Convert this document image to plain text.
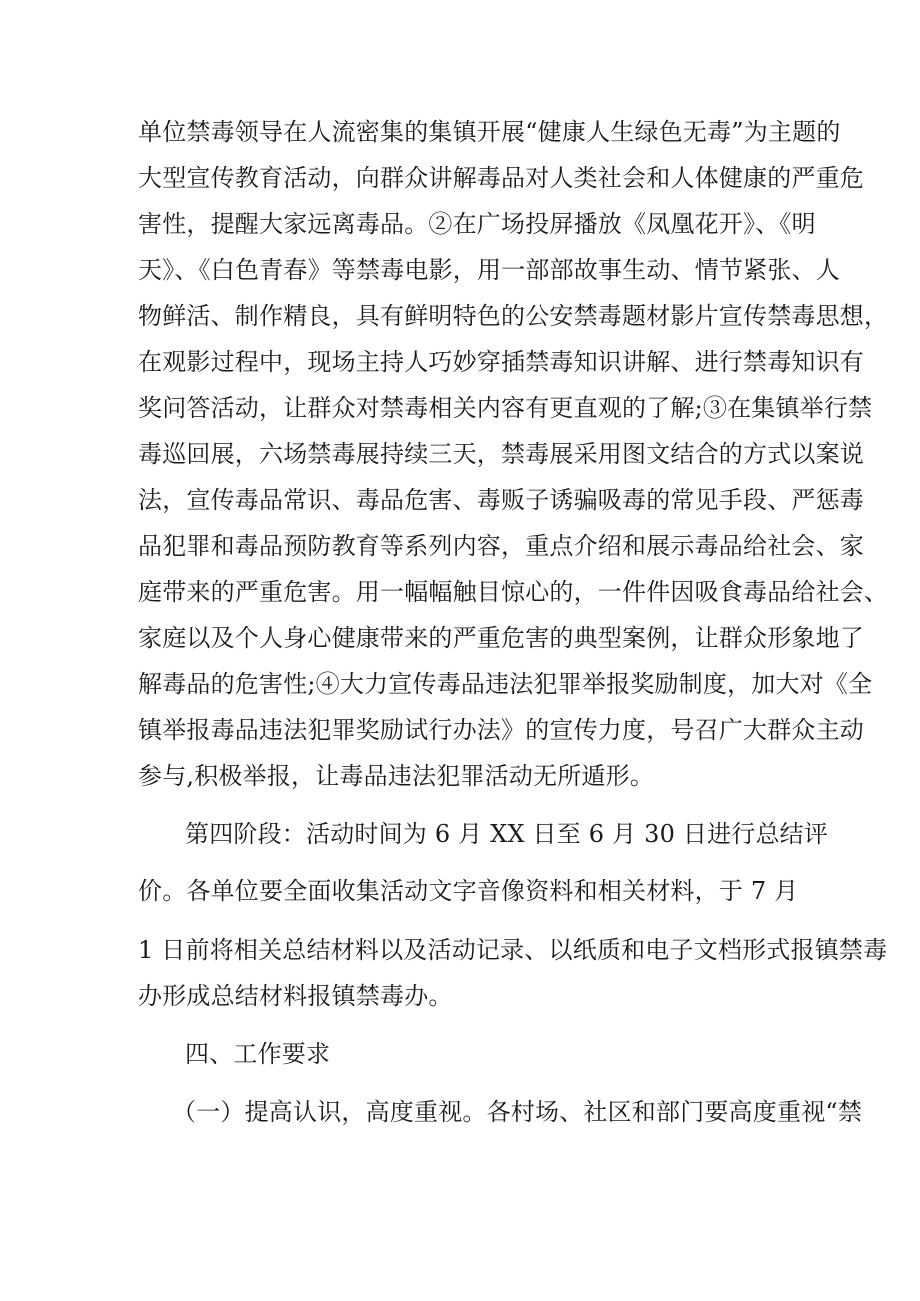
单位禁毒领导在人流密集的集镇开展“健康人生绿色无毒”为主题的
大型宣传教育活动，向群众讲解毒品对人类社会和人体健康的严重危
害性，提醒大家远离毒品。②在广场投屏播放《凤凰花开》、《明
天》、《白色青春》等禁毒电影，用一部部故事生动、情节紧张、人
物鲜活、制作精良，具有鲜明特色的公安禁毒题材影片宣传禁毒思想，
在观影过程中，现场主持人巧妙穿插禁毒知识讲解、进行禁毒知识有
奖问答活动，让群众对禁毒相关内容有更直观的了解;③在集镇举行禁
毒巡回展，六场禁毒展持续三天，禁毒展采用图文结合的方式以案说
法，宣传毒品常识、毒品危害、毒贩子诱骗吸毒的常见手段、严惩毒
品犯罪和毒品预防教育等系列内容，重点介绍和展示毒品给社会、家
庭带来的严重危害。用一幅幅触目惊心的，一件件因吸食毒品给社会、
家庭以及个人身心健康带来的严重危害的典型案例，让群众形象地了
解毒品的危害性;④大力宣传毒品违法犯罪举报奖励制度，加大对《全
镇举报毒品违法犯罪奖励试行办法》的宣传力度，号召广大群众主动
参与,积极举报，让毒品违法犯罪活动无所遁形。
第四阶段：活动时间为 6 月 XX 日至 6 月 30 日进行总结评
价。各单位要全面收集活动文字音像资料和相关材料，于 7 月
1 日前将相关总结材料以及活动记录、以纸质和电子文档形式报镇禁毒
办形成总结材料报镇禁毒办。
四、工作要求
（一）提高认识，高度重视。各村场、社区和部门要高度重视“禁
